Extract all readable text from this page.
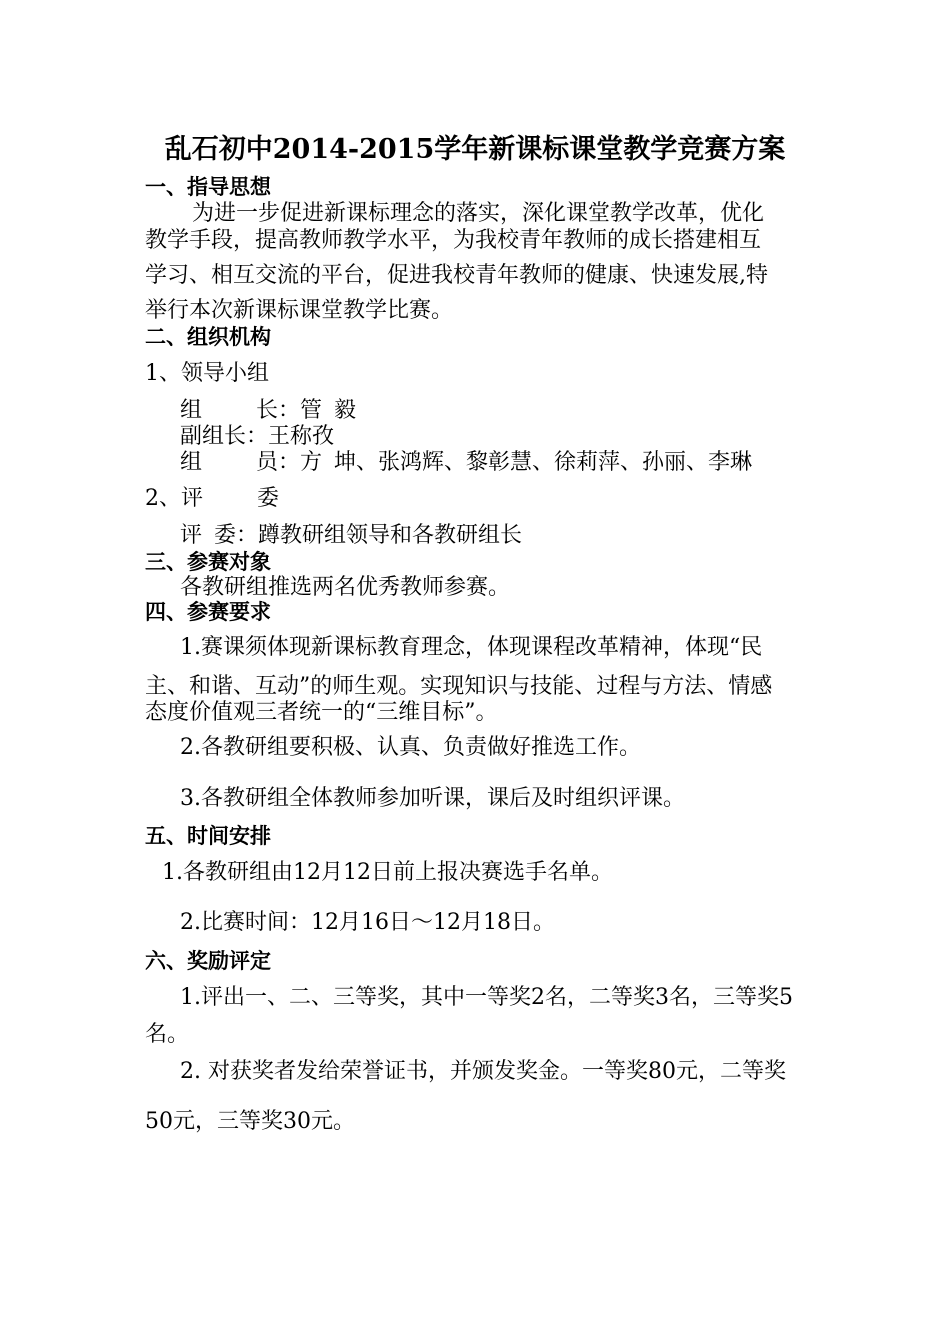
乱石初中2014-2015学年新课标课堂教学竞赛方案
一、指导思想
为进一步促进新课标理念的落实，深化课堂教学改革，优化
教学手段，提高教师教学水平，为我校青年教师的成长搭建相互
学习、相互交流的平台，促进我校青年教师的健康、快速发展,特
举行本次新课标课堂教学比赛。
二、组织机构
1、领导小组
组 长：管 毅
副组长：王称孜
组 员：方 坤、张鸿辉、黎彰慧、徐莉萍、孙丽、李琳
2、评 委
评 委：蹲教研组领导和各教研组长
三、参赛对象
各教研组推选两名优秀教师参赛。
四、参赛要求
1.赛课须体现新课标教育理念，体现课程改革精神，体现“民
主、和谐、互动”的师生观。实现知识与技能、过程与方法、情感
态度价值观三者统一的“三维目标”。
2.各教研组要积极、认真、负责做好推选工作。
3.各教研组全体教师参加听课，课后及时组织评课。
五、时间安排
1.各教研组由12月12日前上报决赛选手名单。
2.比赛时间：12月16日～12月18日。
六、奖励评定
1.评出一、二、三等奖，其中一等奖2名，二等奖3名，三等奖5
名。
2. 对获奖者发给荣誉证书，并颁发奖金。一等奖80元，二等奖
50元，三等奖30元。
